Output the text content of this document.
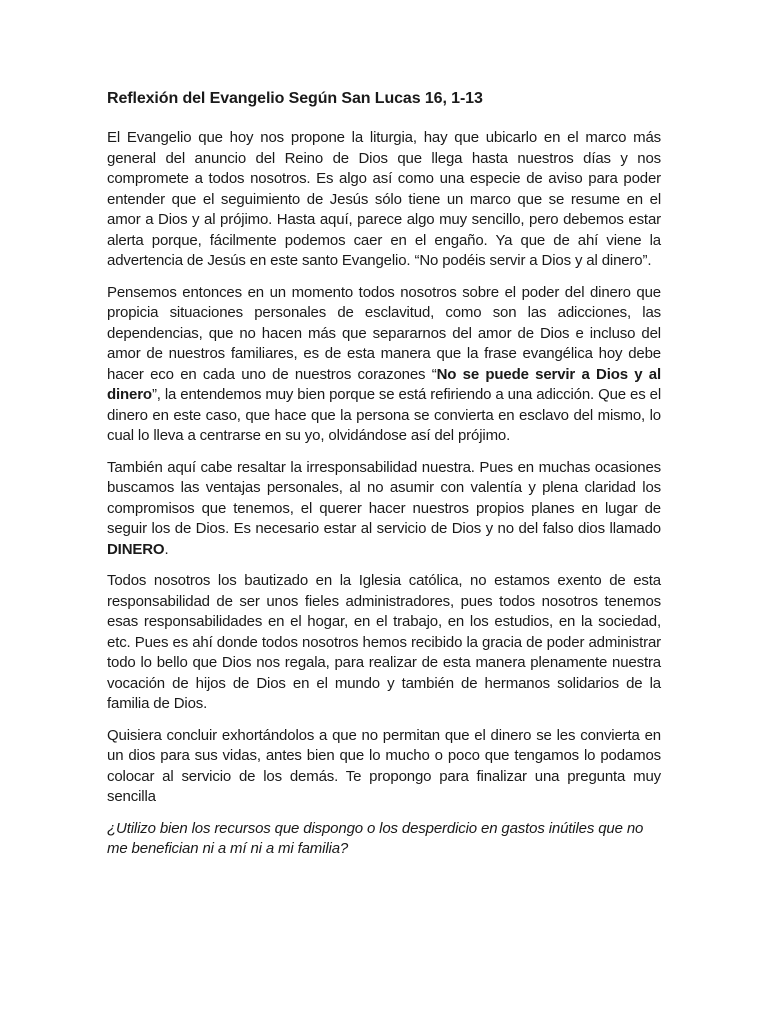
Reflexión del Evangelio Según San Lucas 16, 1-13

El Evangelio que hoy nos propone la liturgia, hay que ubicarlo en el marco más general del anuncio del Reino de Dios que llega hasta nuestros días y nos compromete a todos nosotros. Es algo así como una especie de aviso para poder entender que el seguimiento de Jesús sólo tiene un marco que se resume en el amor a Dios y al prójimo. Hasta aquí, parece algo muy sencillo, pero debemos estar alerta porque, fácilmente podemos caer en el engaño. Ya que de ahí viene la advertencia de Jesús en este santo Evangelio. “No podéis servir a Dios y al dinero”.

Pensemos entonces en un momento todos nosotros sobre el poder del dinero que propicia situaciones personales de esclavitud, como son las adicciones, las dependencias, que no hacen más que separarnos del amor de Dios e incluso del amor de nuestros familiares, es de esta manera que la frase evangélica hoy debe hacer eco en cada uno de nuestros corazones “No se puede servir a Dios y al dinero”, la entendemos muy bien porque se está refiriendo a una adicción. Que es el dinero en este caso, que hace que la persona se convierta en esclavo del mismo, lo cual lo lleva a centrarse en su yo, olvidándose así del prójimo.

También aquí cabe resaltar la irresponsabilidad nuestra. Pues en muchas ocasiones buscamos las ventajas personales, al no asumir con valentía y plena claridad los compromisos que tenemos, el querer hacer nuestros propios planes en lugar de seguir los de Dios. Es necesario estar al servicio de Dios y no del falso dios llamado DINERO.

Todos nosotros los bautizado en la Iglesia católica, no estamos exento de esta responsabilidad de ser unos fieles administradores, pues todos nosotros tenemos esas responsabilidades en el hogar, en el trabajo, en los estudios, en la sociedad, etc. Pues es ahí donde todos nosotros hemos recibido la gracia de poder administrar todo lo bello que Dios nos regala, para realizar de esta manera plenamente nuestra vocación de hijos de Dios en el mundo y también de hermanos solidarios de la familia de Dios.

Quisiera concluir exhortándolos a que no permitan que el dinero se les convierta en un dios para sus vidas, antes bien que lo mucho o poco que tengamos lo podamos colocar al servicio de los demás. Te propongo para finalizar una pregunta muy sencilla

¿Utilizo bien los recursos que dispongo o los desperdicio en gastos inútiles que no me benefician ni a mí ni a mi familia?
